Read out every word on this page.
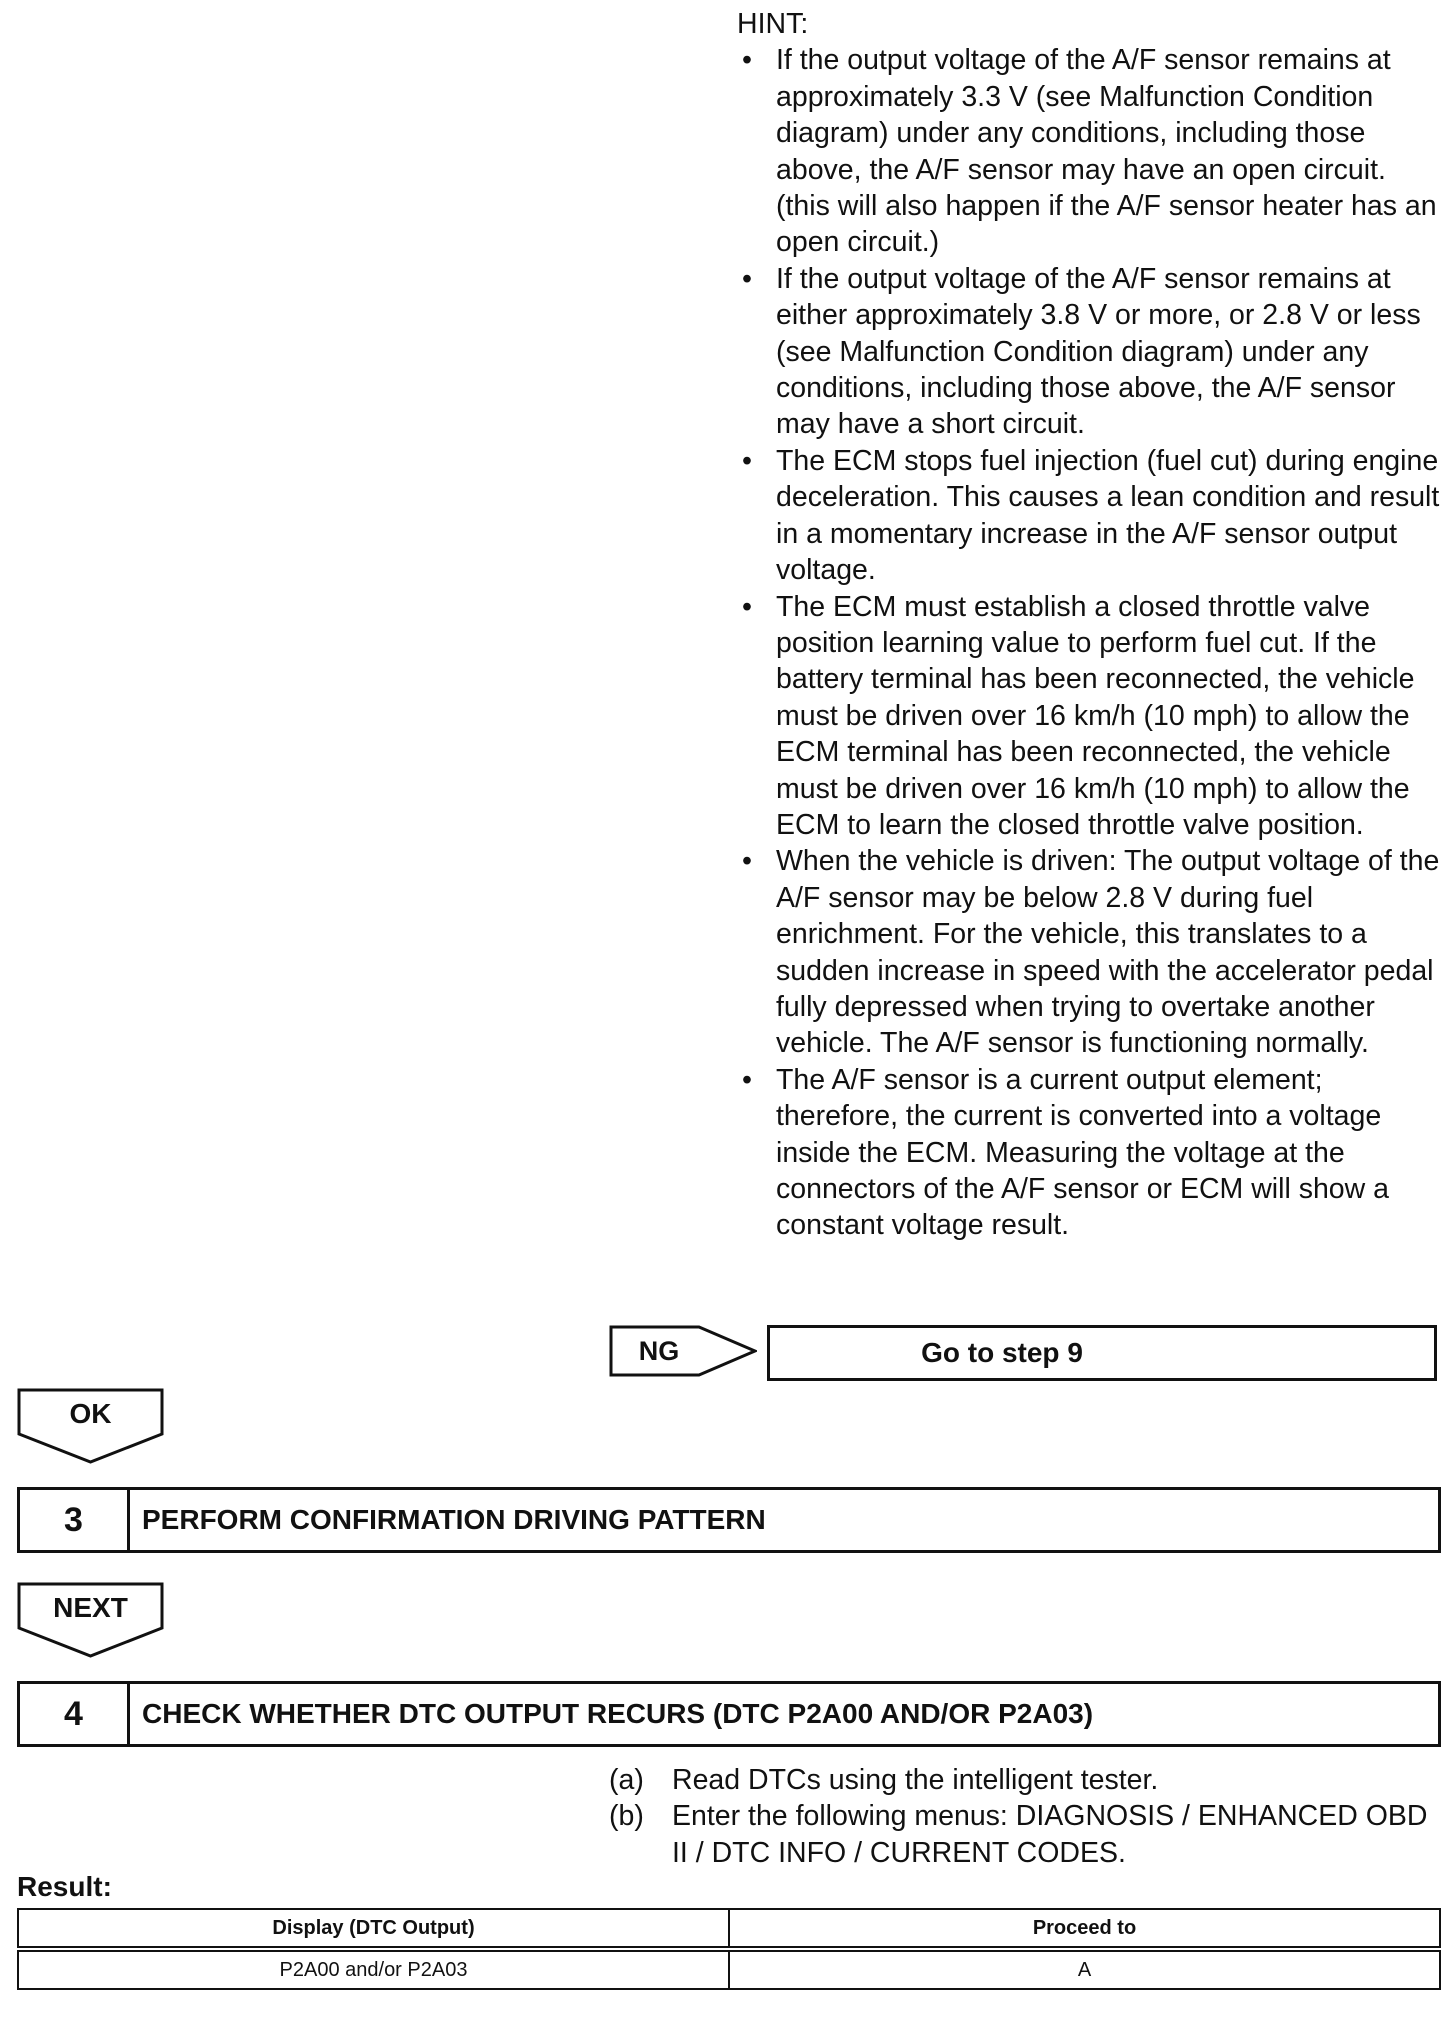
HINT:
• If the output voltage of the A/F sensor remains at approximately 3.3 V (see Malfunction Condition diagram) under any conditions, including those above, the A/F sensor may have an open circuit. (this will also happen if the A/F sensor heater has an open circuit.)
• If the output voltage of the A/F sensor remains at either approximately 3.8 V or more, or 2.8 V or less (see Malfunction Condition diagram) under any conditions, including those above, the A/F sensor may have a short circuit.
• The ECM stops fuel injection (fuel cut) during engine deceleration. This causes a lean condition and result in a momentary increase in the A/F sensor output voltage.
• The ECM must establish a closed throttle valve position learning value to perform fuel cut. If the battery terminal has been reconnected, the vehicle must be driven over 16 km/h (10 mph) to allow the ECM terminal has been reconnected, the vehicle must be driven over 16 km/h (10 mph) to allow the ECM to learn the closed throttle valve position.
• When the vehicle is driven: The output voltage of the A/F sensor may be below 2.8 V during fuel enrichment. For the vehicle, this translates to a sudden increase in speed with the accelerator pedal fully depressed when trying to overtake another vehicle. The A/F sensor is functioning normally.
• The A/F sensor is a current output element; therefore, the current is converted into a voltage inside the ECM. Measuring the voltage at the connectors of the A/F sensor or ECM will show a constant voltage result.
NG	Go to step 9
OK
3	PERFORM CONFIRMATION DRIVING PATTERN
NEXT
4	CHECK WHETHER DTC OUTPUT RECURS (DTC P2A00 AND/OR P2A03)
(a) Read DTCs using the intelligent tester.
(b) Enter the following menus: DIAGNOSIS / ENHANCED OBD II / DTC INFO / CURRENT CODES.
Result:
Display (DTC Output)	Proceed to
P2A00 and/or P2A03	A
